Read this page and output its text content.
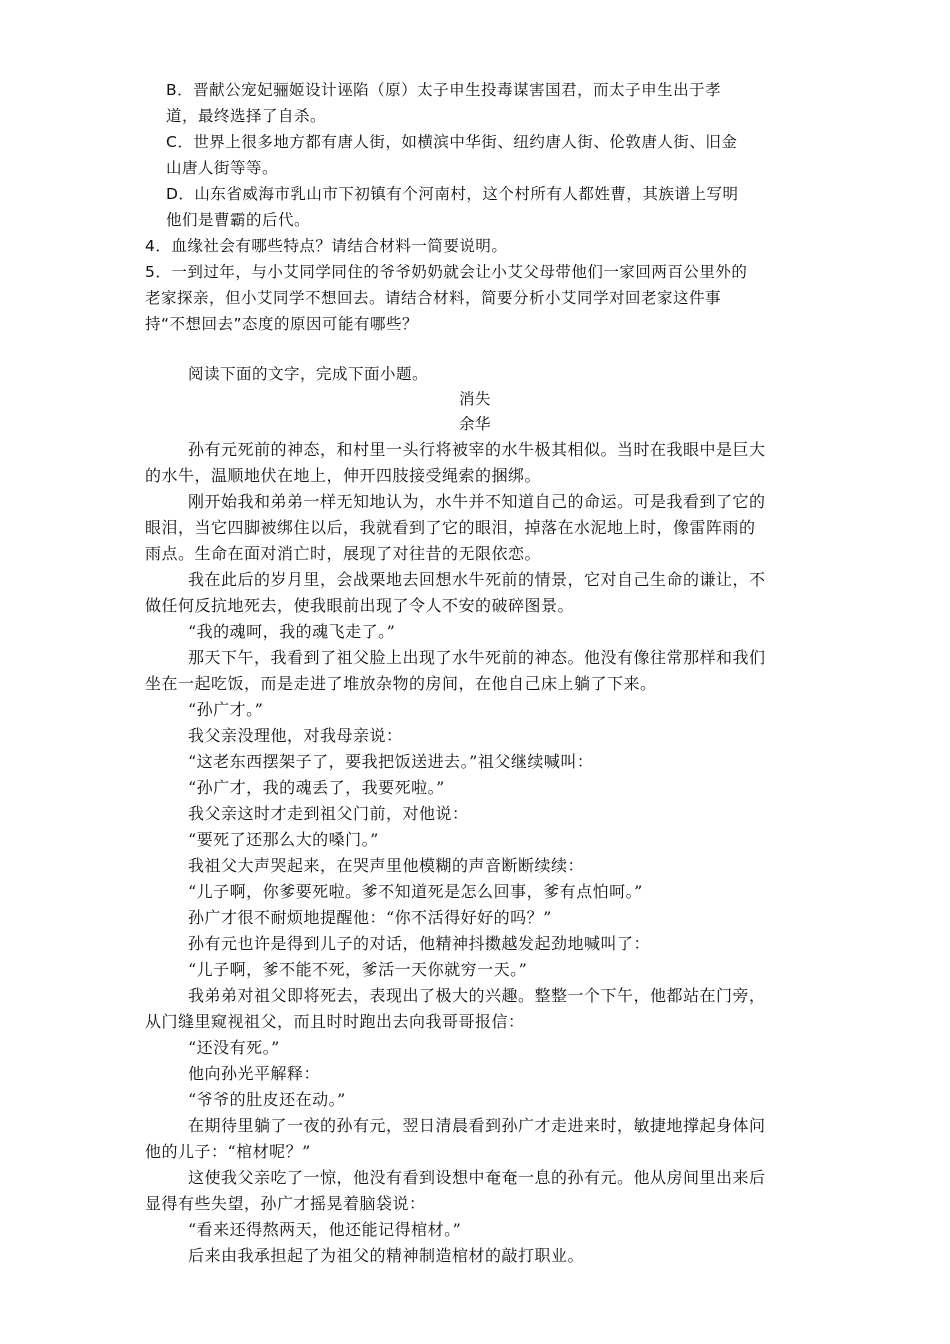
B．晋献公宠妃骊姬设计诬陷（原）太子申生投毒谋害国君，而太子申生出于孝
道，最终选择了自杀。
C．世界上很多地方都有唐人街，如横滨中华街、纽约唐人街、伦敦唐人街、旧金
山唐人街等等。
D．山东省威海市乳山市下初镇有个河南村，这个村所有人都姓曹，其族谱上写明
他们是曹霸的后代。
4．血缘社会有哪些特点？请结合材料一简要说明。
5．一到过年，与小艾同学同住的爷爷奶奶就会让小艾父母带他们一家回两百公里外的
老家探亲，但小艾同学不想回去。请结合材料，简要分析小艾同学对回老家这件事
持“不想回去”态度的原因可能有哪些？
阅读下面的文字，完成下面小题。
消失
余华
孙有元死前的神态，和村里一头行将被宰的水牛极其相似。当时在我眼中是巨大
的水牛，温顺地伏在地上，伸开四肢接受绳索的捆绑。
刚开始我和弟弟一样无知地认为，水牛并不知道自己的命运。可是我看到了它的
眼泪，当它四脚被绑住以后，我就看到了它的眼泪，掉落在水泥地上时，像雷阵雨的
雨点。生命在面对消亡时，展现了对往昔的无限依恋。
我在此后的岁月里，会战栗地去回想水牛死前的情景，它对自己生命的谦让，不
做任何反抗地死去，使我眼前出现了令人不安的破碎图景。
“我的魂呵，我的魂飞走了。”
那天下午，我看到了祖父脸上出现了水牛死前的神态。他没有像往常那样和我们
坐在一起吃饭，而是走进了堆放杂物的房间，在他自己床上躺了下来。
“孙广才。”
我父亲没理他，对我母亲说：
“这老东西摆架子了，要我把饭送进去。”祖父继续喊叫：
“孙广才，我的魂丢了，我要死啦。”
我父亲这时才走到祖父门前，对他说：
“要死了还那么大的嗓门。”
我祖父大声哭起来，在哭声里他模糊的声音断断续续：
“儿子啊，你爹要死啦。爹不知道死是怎么回事，爹有点怕呵。”
孙广才很不耐烦地提醒他：“你不活得好好的吗？”
孙有元也许是得到儿子的对话，他精神抖擞越发起劲地喊叫了：
“儿子啊，爹不能不死，爹活一天你就穷一天。”
我弟弟对祖父即将死去，表现出了极大的兴趣。整整一个下午，他都站在门旁，
从门缝里窥视祖父，而且时时跑出去向我哥哥报信：
“还没有死。”
他向孙光平解释：
“爷爷的肚皮还在动。”
在期待里躺了一夜的孙有元，翌日清晨看到孙广才走进来时，敏捷地撑起身体问
他的儿子：“棺材呢？”
这使我父亲吃了一惊，他没有看到设想中奄奄一息的孙有元。他从房间里出来后
显得有些失望，孙广才摇晃着脑袋说：
“看来还得熬两天，他还能记得棺材。”
后来由我承担起了为祖父的精神制造棺材的敲打职业。
